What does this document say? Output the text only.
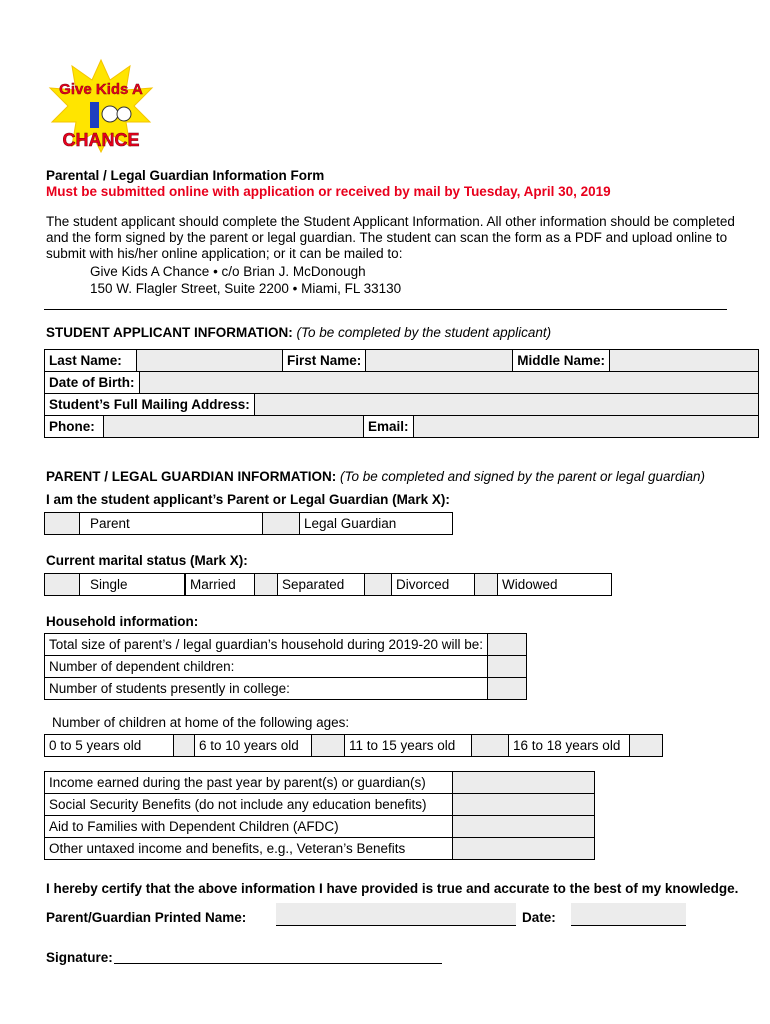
Give Kids A
CHANCE
Parental / Legal Guardian Information Form
Must be submitted online with application or received by mail by Tuesday, April 30, 2019
The student applicant should complete the Student Applicant Information. All other information should be completed
and the form signed by the parent or legal guardian. The student can scan the form as a PDF and upload online to
submit with his/her online application; or it can be mailed to:
Give Kids A Chance • c/o Brian J. McDonough
150 W. Flagler Street, Suite 2200 • Miami, FL 33130
STUDENT APPLICANT INFORMATION: (To be completed by the student applicant)
Last Name:		First Name:		Middle Name:	
Date of Birth:	
Student’s Full Mailing Address:	
Phone:		Email:	
PARENT / LEGAL GUARDIAN INFORMATION: (To be completed and signed by the parent or legal guardian)
I am the student applicant’s Parent or Legal Guardian (Mark X):
	Parent		Legal Guardian
Current marital status (Mark X):
	Single		Married		Separated		Divorced		Widowed
Household information:
Total size of parent’s / legal guardian’s household during 2019-20 will be:	
Number of dependent children:	
Number of students presently in college:	
Number of children at home of the following ages:
0 to 5 years old		6 to 10 years old		11 to 15 years old		16 to 18 years old	
Income earned during the past year by parent(s) or guardian(s)	
Social Security Benefits (do not include any education benefits)	
Aid to Families with Dependent Children (AFDC)	
Other untaxed income and benefits, e.g., Veteran’s Benefits	
I hereby certify that the above information I have provided is true and accurate to the best of my knowledge.
Parent/Guardian Printed Name:	Date:
Signature:
